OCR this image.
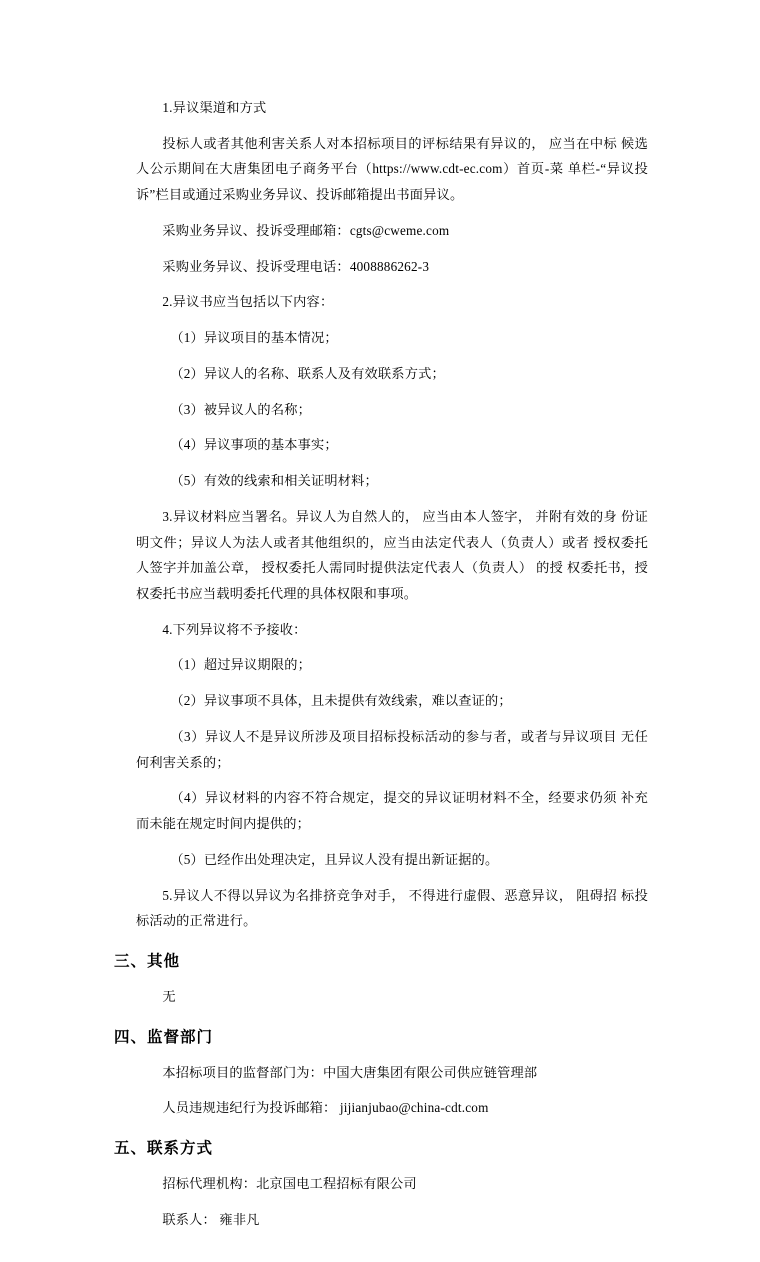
1.异议渠道和方式

投标人或者其他利害关系人对本招标项目的评标结果有异议的， 应当在中标 候选人公示期间在大唐集团电子商务平台（https://www.cdt-ec.com）首页-菜 单栏-“异议投诉”栏目或通过采购业务异议、投诉邮箱提出书面异议。

采购业务异议、投诉受理邮箱：cgts@cweme.com

采购业务异议、投诉受理电话：4008886262-3

2.异议书应当包括以下内容：

（1）异议项目的基本情况；

（2）异议人的名称、联系人及有效联系方式；

（3）被异议人的名称；

（4）异议事项的基本事实；

（5）有效的线索和相关证明材料；

3.异议材料应当署名。异议人为自然人的， 应当由本人签字， 并附有效的身 份证明文件；异议人为法人或者其他组织的，应当由法定代表人（负责人）或者 授权委托人签字并加盖公章， 授权委托人需同时提供法定代表人（负责人） 的授 权委托书，授权委托书应当载明委托代理的具体权限和事项。

4.下列异议将不予接收：

（1）超过异议期限的；

（2）异议事项不具体，且未提供有效线索，难以查证的；

（3）异议人不是异议所涉及项目招标投标活动的参与者，或者与异议项目 无任何利害关系的；

（4）异议材料的内容不符合规定，提交的异议证明材料不全，经要求仍须 补充而未能在规定时间内提供的；

（5）已经作出处理决定，且异议人没有提出新证据的。

5.异议人不得以异议为名排挤竞争对手， 不得进行虚假、恶意异议， 阻碍招 标投标活动的正常进行。

三、其他

无

四、监督部门

本招标项目的监督部门为：中国大唐集团有限公司供应链管理部

人员违规违纪行为投诉邮箱： jijianjubao@china-cdt.com

五、联系方式

招标代理机构：北京国电工程招标有限公司

联系人： 雍非凡
